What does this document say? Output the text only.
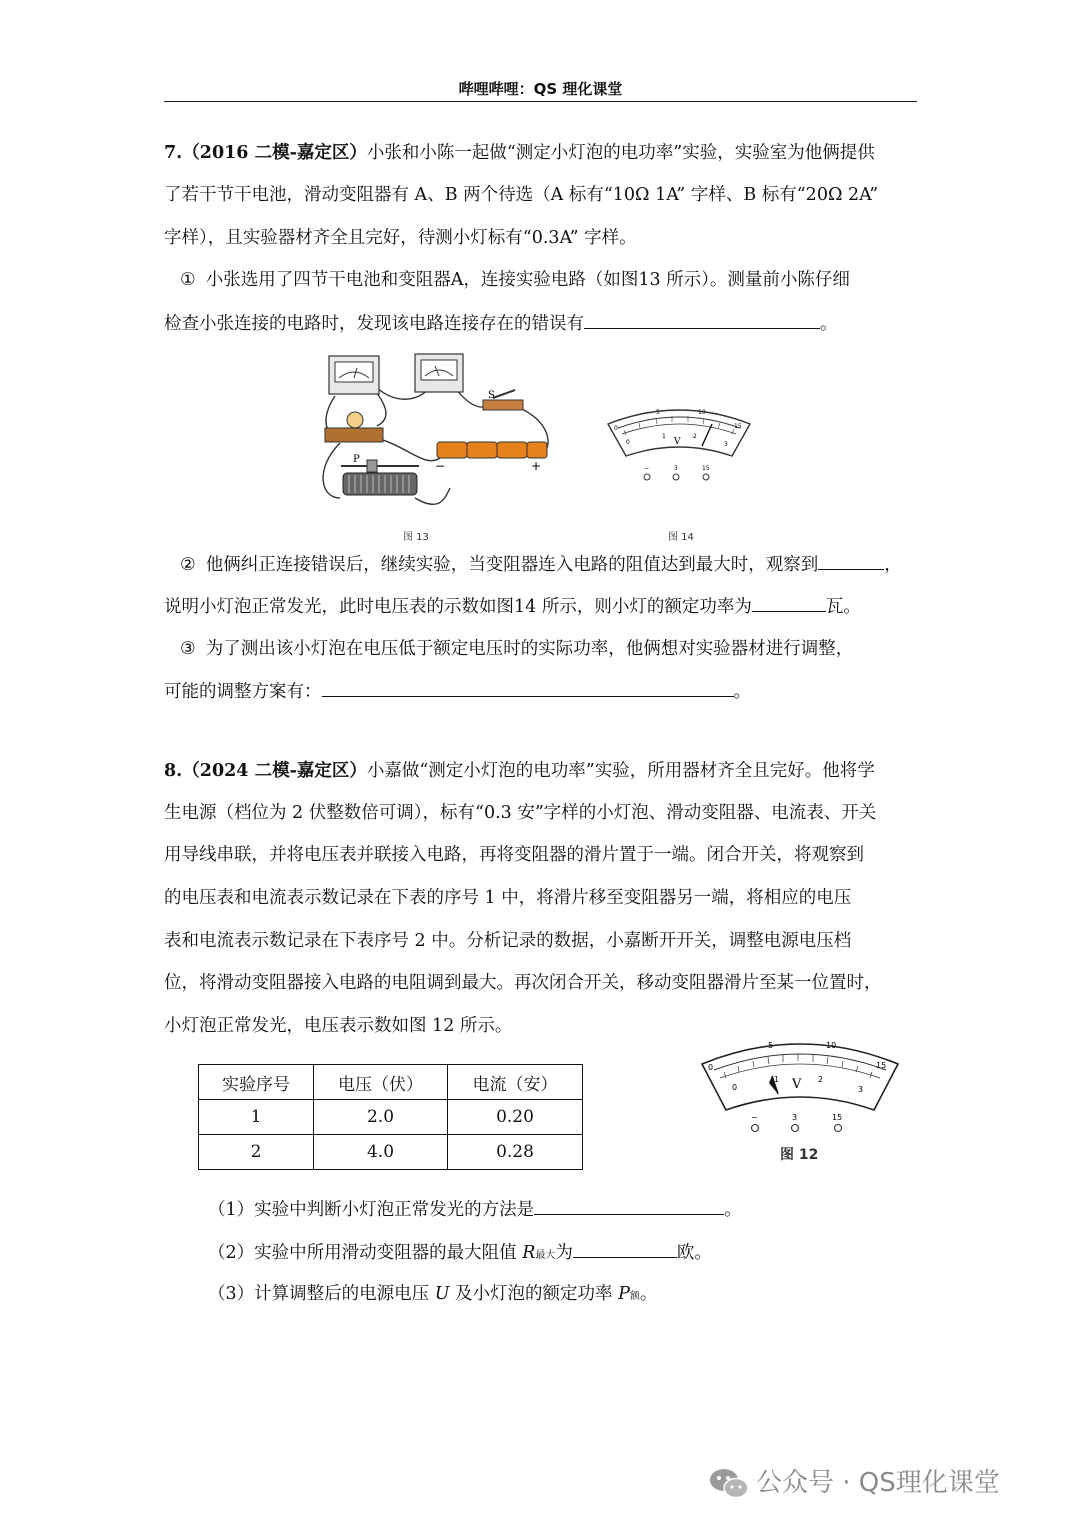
哔哩哔哩：QS 理化课堂
7.（2016 二模-嘉定区）小张和小陈一起做“测定小灯泡的电功率”实验，实验室为他俩提供
了若干节干电池，滑动变阻器有 A、B 两个待选（A 标有“10Ω 1A” 字样、B 标有“20Ω 2A”
字样），且实验器材齐全且完好，待测小灯标有“0.3A” 字样。
① 小张选用了四节干电池和变阻器A，连接实验电路（如图13 所示）。测量前小陈仔细
检查小张连接的电路时，发现该电路连接存在的错误有	。
S
−	+
P
图 13
0
5	10
15
0
1	2
3
V
−	3	15
图 14
② 他俩纠正连接错误后，继续实验，当变阻器连入电路的阻值达到最大时，观察到	，
说明小灯泡正常发光，此时电压表的示数如图14 所示，则小灯的额定功率为	瓦。
③ 为了测出该小灯泡在电压低于额定电压时的实际功率，他俩想对实验器材进行调整，
可能的调整方案有：	。
8.（2024 二模-嘉定区）小嘉做“测定小灯泡的电功率”实验，所用器材齐全且完好。他将学
生电源（档位为 2 伏整数倍可调），标有“0.3 安”字样的小灯泡、滑动变阻器、电流表、开关
用导线串联，并将电压表并联接入电路，再将变阻器的滑片置于一端。闭合开关，将观察到
的电压表和电流表示数记录在下表的序号 1 中，将滑片移至变阻器另一端，将相应的电压
表和电流表示数记录在下表序号 2 中。分析记录的数据，小嘉断开开关，调整电源电压档
位，将滑动变阻器接入电路的电阻调到最大。再次闭合开关，移动变阻器滑片至某一位置时，
小灯泡正常发光，电压表示数如图 12 所示。
实验序号	电压（伏）	电流（安）
1	2.0	0.20
2	4.0	0.28
0
5	10
15
0
1	2
3
V
−	3	15
图 12
（1）实验中判断小灯泡正常发光的方法是	。
（2）实验中所用滑动变阻器的最大阻值 R最大为	欧。
（3）计算调整后的电源电压 U 及小灯泡的额定功率 P额。
公众号 · QS理化课堂
